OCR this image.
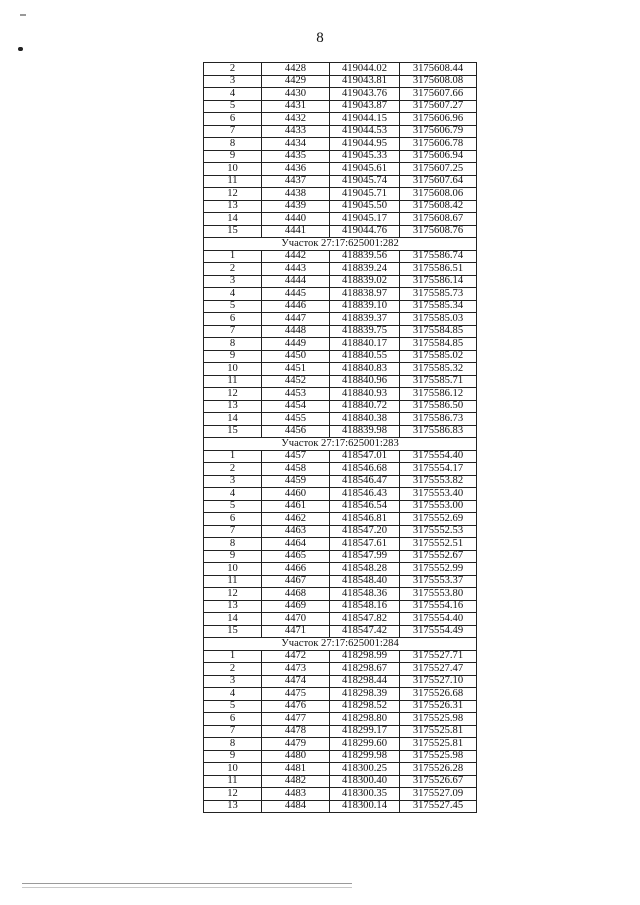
8
2	4428	419044.02	3175608.44
3	4429	419043.81	3175608.08
4	4430	419043.76	3175607.66
5	4431	419043.87	3175607.27
6	4432	419044.15	3175606.96
7	4433	419044.53	3175606.79
8	4434	419044.95	3175606.78
9	4435	419045.33	3175606.94
10	4436	419045.61	3175607.25
11	4437	419045.74	3175607.64
12	4438	419045.71	3175608.06
13	4439	419045.50	3175608.42
14	4440	419045.17	3175608.67
15	4441	419044.76	3175608.76
Участок 27:17:625001:282			
1	4442	418839.56	3175586.74
2	4443	418839.24	3175586.51
3	4444	418839.02	3175586.14
4	4445	418838.97	3175585.73
5	4446	418839.10	3175585.34
6	4447	418839.37	3175585.03
7	4448	418839.75	3175584.85
8	4449	418840.17	3175584.85
9	4450	418840.55	3175585.02
10	4451	418840.83	3175585.32
11	4452	418840.96	3175585.71
12	4453	418840.93	3175586.12
13	4454	418840.72	3175586.50
14	4455	418840.38	3175586.73
15	4456	418839.98	3175586.83
Участок 27:17:625001:283			
1	4457	418547.01	3175554.40
2	4458	418546.68	3175554.17
3	4459	418546.47	3175553.82
4	4460	418546.43	3175553.40
5	4461	418546.54	3175553.00
6	4462	418546.81	3175552.69
7	4463	418547.20	3175552.53
8	4464	418547.61	3175552.51
9	4465	418547.99	3175552.67
10	4466	418548.28	3175552.99
11	4467	418548.40	3175553.37
12	4468	418548.36	3175553.80
13	4469	418548.16	3175554.16
14	4470	418547.82	3175554.40
15	4471	418547.42	3175554.49
Участок 27:17:625001:284			
1	4472	418298.99	3175527.71
2	4473	418298.67	3175527.47
3	4474	418298.44	3175527.10
4	4475	418298.39	3175526.68
5	4476	418298.52	3175526.31
6	4477	418298.80	3175525.98
7	4478	418299.17	3175525.81
8	4479	418299.60	3175525.81
9	4480	418299.98	3175525.98
10	4481	418300.25	3175526.28
11	4482	418300.40	3175526.67
12	4483	418300.35	3175527.09
13	4484	418300.14	3175527.45
